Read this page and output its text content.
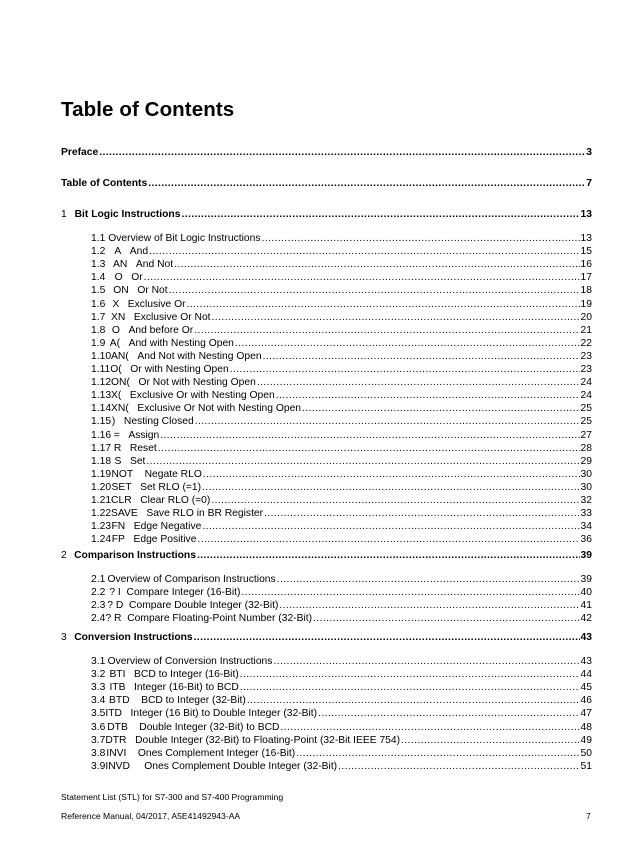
Table of Contents
Preface .....	3
Table of Contents .....	7
1 Bit Logic Instructions .....	13
1.1 Overview of Bit Logic Instructions .....	13
1.2 A   And .....	15
1.3 AN   And Not .....	16
1.4 O   Or .....	17
1.5 ON   Or Not .....	18
1.6 X   Exclusive Or .....	19
1.7 XN   Exclusive Or Not .....	20
1.8 O   And before Or .....	21
1.9 A(   And with Nesting Open .....	22
1.10 AN(   And Not with Nesting Open .....	23
1.11 O(   Or with Nesting Open .....	23
1.12 ON(   Or Not with Nesting Open .....	24
1.13 X(   Exclusive Or with Nesting Open .....	24
1.14 XN(   Exclusive Or Not with Nesting Open .....	25
1.15 )   Nesting Closed .....	25
1.16 =   Assign .....	27
1.17 R   Reset .....	28
1.18 S   Set .....	29
1.19 NOT    Negate RLO .....	30
1.20 SET   Set RLO (=1) .....	30
1.21 CLR   Clear RLO (=0) .....	32
1.22 SAVE   Save RLO in BR Register .....	33
1.23 FN   Edge Negative .....	34
1.24 FP   Edge Positive .....	36
2 Comparison Instructions .....	39
2.1 Overview of Comparison Instructions .....	39
2.2 ? I  Compare Integer (16-Bit) .....	40
2.3 ? D  Compare Double Integer (32-Bit) .....	41
2.4 ? R  Compare Floating-Point Number (32-Bit) .....	42
3 Conversion Instructions .....	43
3.1 Overview of Conversion Instructions .....	43
3.2 BTI   BCD to Integer (16-Bit) .....	44
3.3 ITB   Integer (16-Bit) to BCD .....	45
3.4 BTD    BCD to Integer (32-Bit) .....	46
3.5 ITD   Integer (16 Bit) to Double Integer (32-Bit) .....	47
3.6 DTB    Double Integer (32-Bit) to BCD .....	48
3.7 DTR   Double Integer (32-Bit) to Floating-Point (32-Bit IEEE 754) .....	49
3.8 INVI    Ones Complement Integer (16-Bit) .....	50
3.9 INVD     Ones Complement Double Integer (32-Bit) .....	51
Statement List (STL) for S7-300 and S7-400 Programming
Reference Manual, 04/2017, A5E41492943-AA	7
